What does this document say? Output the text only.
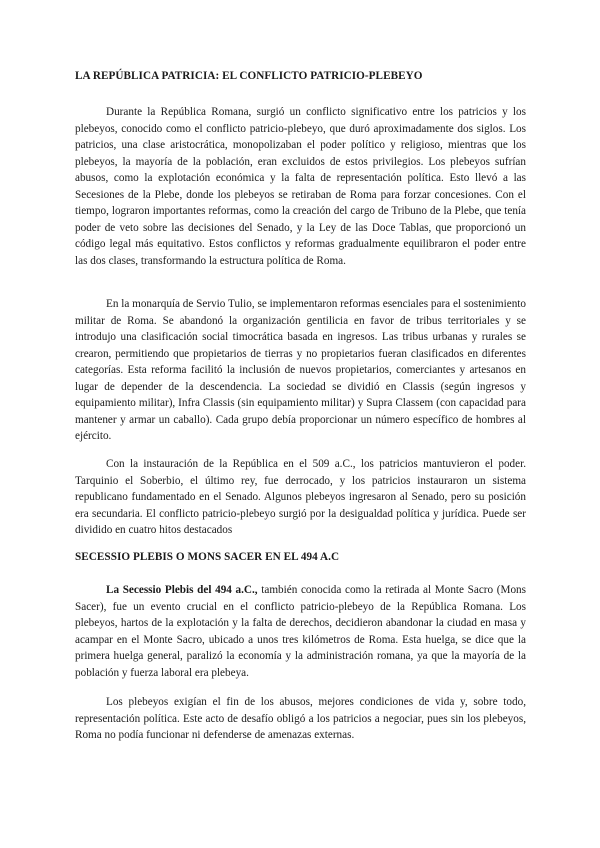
LA REPÚBLICA PATRICIA: EL CONFLICTO PATRICIO-PLEBEYO

Durante la República Romana, surgió un conflicto significativo entre los patricios y los plebeyos, conocido como el conflicto patricio-plebeyo, que duró aproximadamente dos siglos. Los patricios, una clase aristocrática, monopolizaban el poder político y religioso, mientras que los plebeyos, la mayoría de la población, eran excluidos de estos privilegios. Los plebeyos sufrían abusos, como la explotación económica y la falta de representación política. Esto llevó a las Secesiones de la Plebe, donde los plebeyos se retiraban de Roma para forzar concesiones. Con el tiempo, lograron importantes reformas, como la creación del cargo de Tribuno de la Plebe, que tenía poder de veto sobre las decisiones del Senado, y la Ley de las Doce Tablas, que proporcionó un código legal más equitativo. Estos conflictos y reformas gradualmente equilibraron el poder entre las dos clases, transformando la estructura política de Roma.

En la monarquía de Servio Tulio, se implementaron reformas esenciales para el sostenimiento militar de Roma. Se abandonó la organización gentilicia en favor de tribus territoriales y se introdujo una clasificación social timocrática basada en ingresos. Las tribus urbanas y rurales se crearon, permitiendo que propietarios de tierras y no propietarios fueran clasificados en diferentes categorías. Esta reforma facilitó la inclusión de nuevos propietarios, comerciantes y artesanos en lugar de depender de la descendencia. La sociedad se dividió en Classis (según ingresos y equipamiento militar), Infra Classis (sin equipamiento militar) y Supra Classem (con capacidad para mantener y armar un caballo). Cada grupo debía proporcionar un número específico de hombres al ejército.

Con la instauración de la República en el 509 a.C., los patricios mantuvieron el poder. Tarquinio el Soberbio, el último rey, fue derrocado, y los patricios instauraron un sistema republicano fundamentado en el Senado. Algunos plebeyos ingresaron al Senado, pero su posición era secundaria. El conflicto patricio-plebeyo surgió por la desigualdad política y jurídica. Puede ser dividido en cuatro hitos destacados

SECESSIO PLEBIS O MONS SACER EN EL 494 A.C

La Secessio Plebis del 494 a.C., también conocida como la retirada al Monte Sacro (Mons Sacer), fue un evento crucial en el conflicto patricio-plebeyo de la República Romana. Los plebeyos, hartos de la explotación y la falta de derechos, decidieron abandonar la ciudad en masa y acampar en el Monte Sacro, ubicado a unos tres kilómetros de Roma. Esta huelga, se dice que la primera huelga general, paralizó la economía y la administración romana, ya que la mayoría de la población y fuerza laboral era plebeya.

Los plebeyos exigían el fin de los abusos, mejores condiciones de vida y, sobre todo, representación política. Este acto de desafío obligó a los patricios a negociar, pues sin los plebeyos, Roma no podía funcionar ni defenderse de amenazas externas.
